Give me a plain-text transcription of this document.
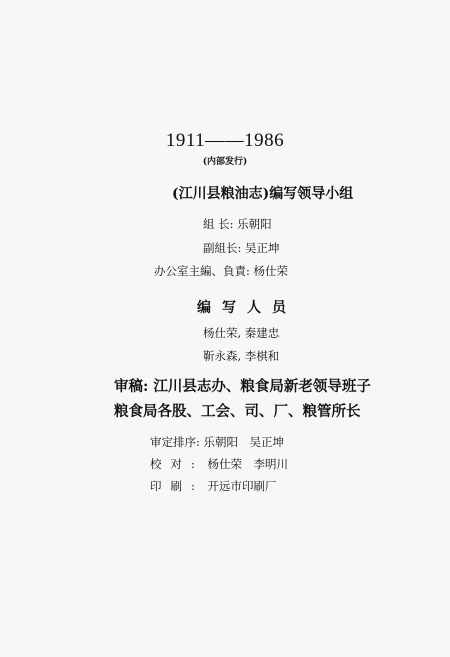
1911——1986
(内部发行)
(江川县粮油志)编写领导小组
組 长: 乐朝阳
副組长: 吴正坤
办公室主編、負責: 杨仕荣
编写人员
杨仕荣, 秦建忠
靳永森, 李棋和
审稿: 江川县志办、粮食局新老领导班子
粮食局各股、工会、司、厂、粮管所长
审定排序: 乐朝阳　吴正坤
校对: 杨仕荣　李明川
印刷: 开远市印刷厂
